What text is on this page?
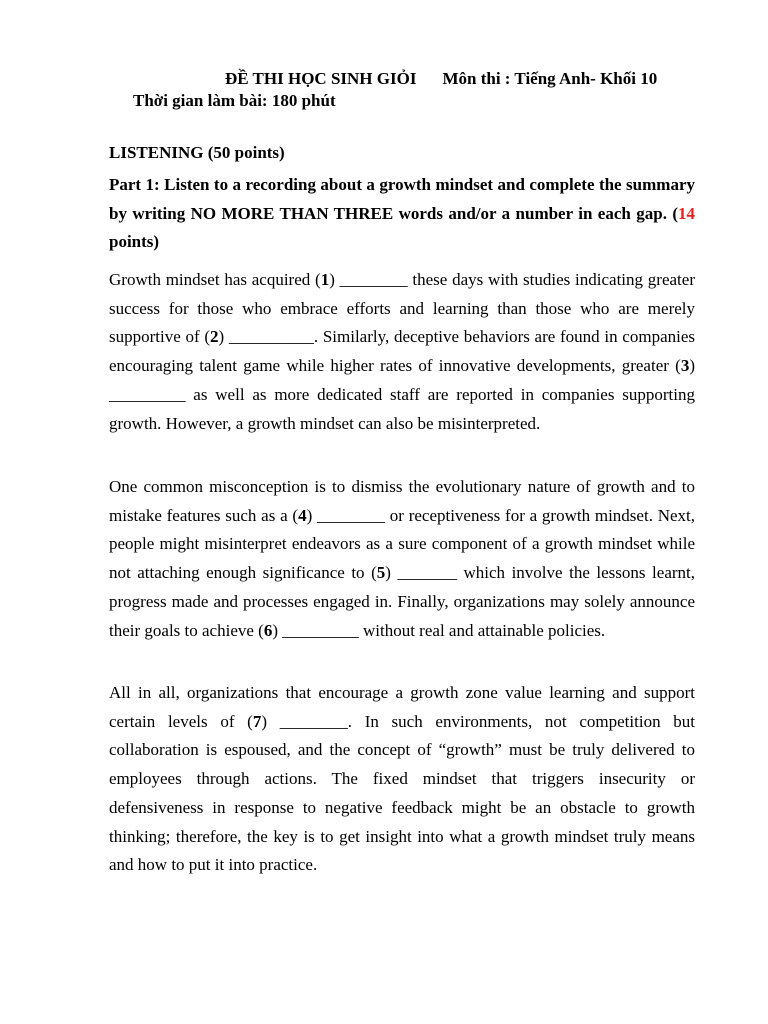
ĐỀ THI HỌC SINH GIỎI Môn thi : Tiếng Anh- Khối 10
Thời gian làm bài: 180 phút
LISTENING (50 points)
Part 1: Listen to a recording about a growth mindset and complete the summary by writing NO MORE THAN THREE words and/or a number in each gap. (14 points)
Growth mindset has acquired (1) ________ these days with studies indicating greater success for those who embrace efforts and learning than those who are merely supportive of (2) __________. Similarly, deceptive behaviors are found in companies encouraging talent game while higher rates of innovative developments, greater (3) _________ as well as more dedicated staff are reported in companies supporting growth. However, a growth mindset can also be misinterpreted.
One common misconception is to dismiss the evolutionary nature of growth and to mistake features such as a (4) ________ or receptiveness for a growth mindset. Next, people might misinterpret endeavors as a sure component of a growth mindset while not attaching enough significance to (5) _______ which involve the lessons learnt, progress made and processes engaged in. Finally, organizations may solely announce their goals to achieve (6) _________ without real and attainable policies.
All in all, organizations that encourage a growth zone value learning and support certain levels of (7) ________. In such environments, not competition but collaboration is espoused, and the concept of “growth” must be truly delivered to employees through actions. The fixed mindset that triggers insecurity or defensiveness in response to negative feedback might be an obstacle to growth thinking; therefore, the key is to get insight into what a growth mindset truly means and how to put it into practice.
